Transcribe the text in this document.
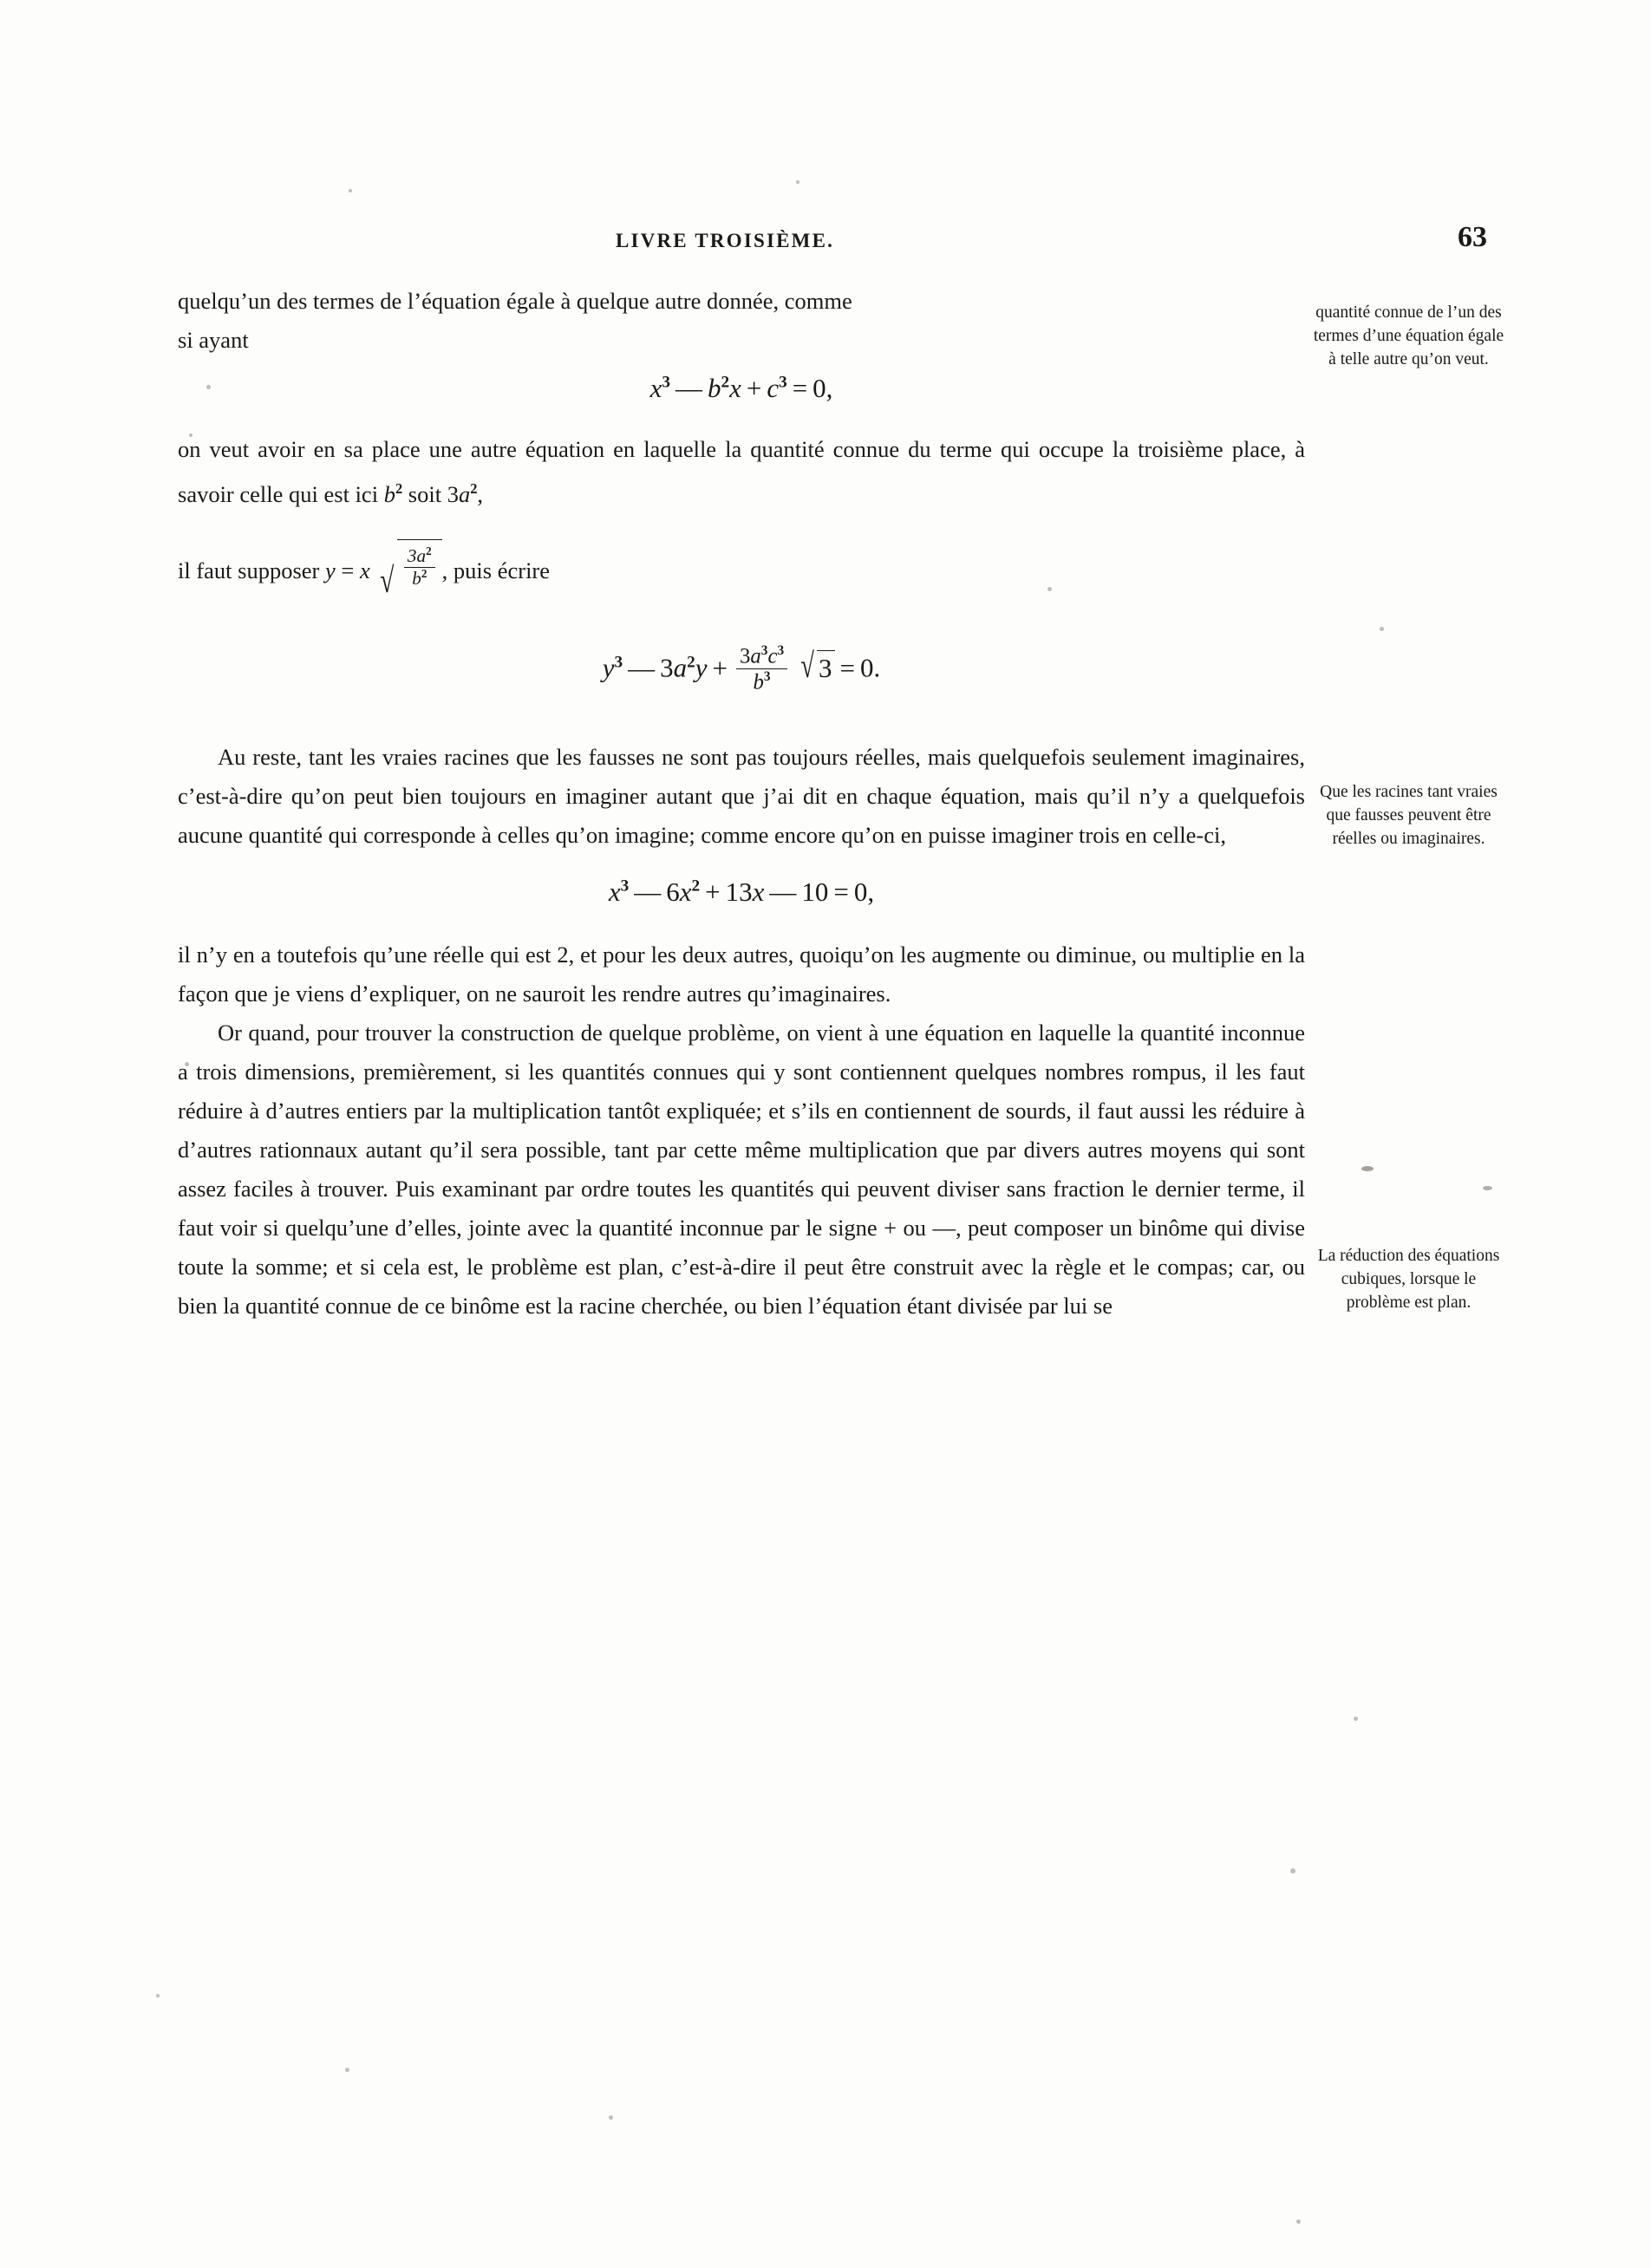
LIVRE TROISIÈME.	63

quelqu’un des termes de l’équation égale à quelque autre donnée, comme

si ayant

$x^3$ — $b^2x + c^3 = 0$,

on veut avoir en sa place une autre équation en laquelle la quantité connue du terme qui occupe la troisième place, à savoir celle qui est ici $b^2$ soit $3a^2$,

il faut supposer y = x √ $\frac{3a^2}{b^2}$ , puis écrire

$y^3$ — $3a^2y + \frac{3a^3c^3}{b^3}$ √ 3 = 0.

Au reste, tant les vraies racines que les fausses ne sont pas toujours réelles, mais quelquefois seulement imaginaires, c’est-à-dire qu’on peut bien toujours en imaginer autant que j’ai dit en chaque équation, mais qu’il n’y a quelquefois aucune quantité qui corresponde à celles qu’on imagine; comme encore qu’on en puisse imaginer trois en celle-ci,

$x^3$ — $6x^2 + 13x$ — 10 = 0,

il n’y en a toutefois qu’une réelle qui est 2, et pour les deux autres, quoiqu’on les augmente ou diminue, ou multiplie en la façon que je viens d’expliquer, on ne sauroit les rendre autres qu’imaginaires.

Or quand, pour trouver la construction de quelque problème, on vient à une équation en laquelle la quantité inconnue a trois dimensions, premièrement, si les quantités connues qui y sont contiennent quelques nombres rompus, il les faut réduire à d’autres entiers par la multiplication tantôt expliquée; et s’ils en contiennent de sourds, il faut aussi les réduire à d’autres rationnaux autant qu’il sera possible, tant par cette même multiplication que par divers autres moyens qui sont assez faciles à trouver. Puis examinant par ordre toutes les quantités qui peuvent diviser sans fraction le dernier terme, il faut voir si quelqu’une d’elles, jointe avec la quantité inconnue par le signe + ou —, peut composer un binôme qui divise toute la somme; et si cela est, le problème est plan, c’est-à-dire il peut être construit avec la règle et le compas; car, ou bien la quantité connue de ce binôme est la racine cherchée, ou bien l’équation étant divisée par lui se

quantité connue de l’un des termes d’une équation égale à telle autre qu’on veut.
Que les racines tant vraies que fausses peuvent être réelles ou imaginaires.
La réduction des équations cubiques, lorsque le problème est plan.
